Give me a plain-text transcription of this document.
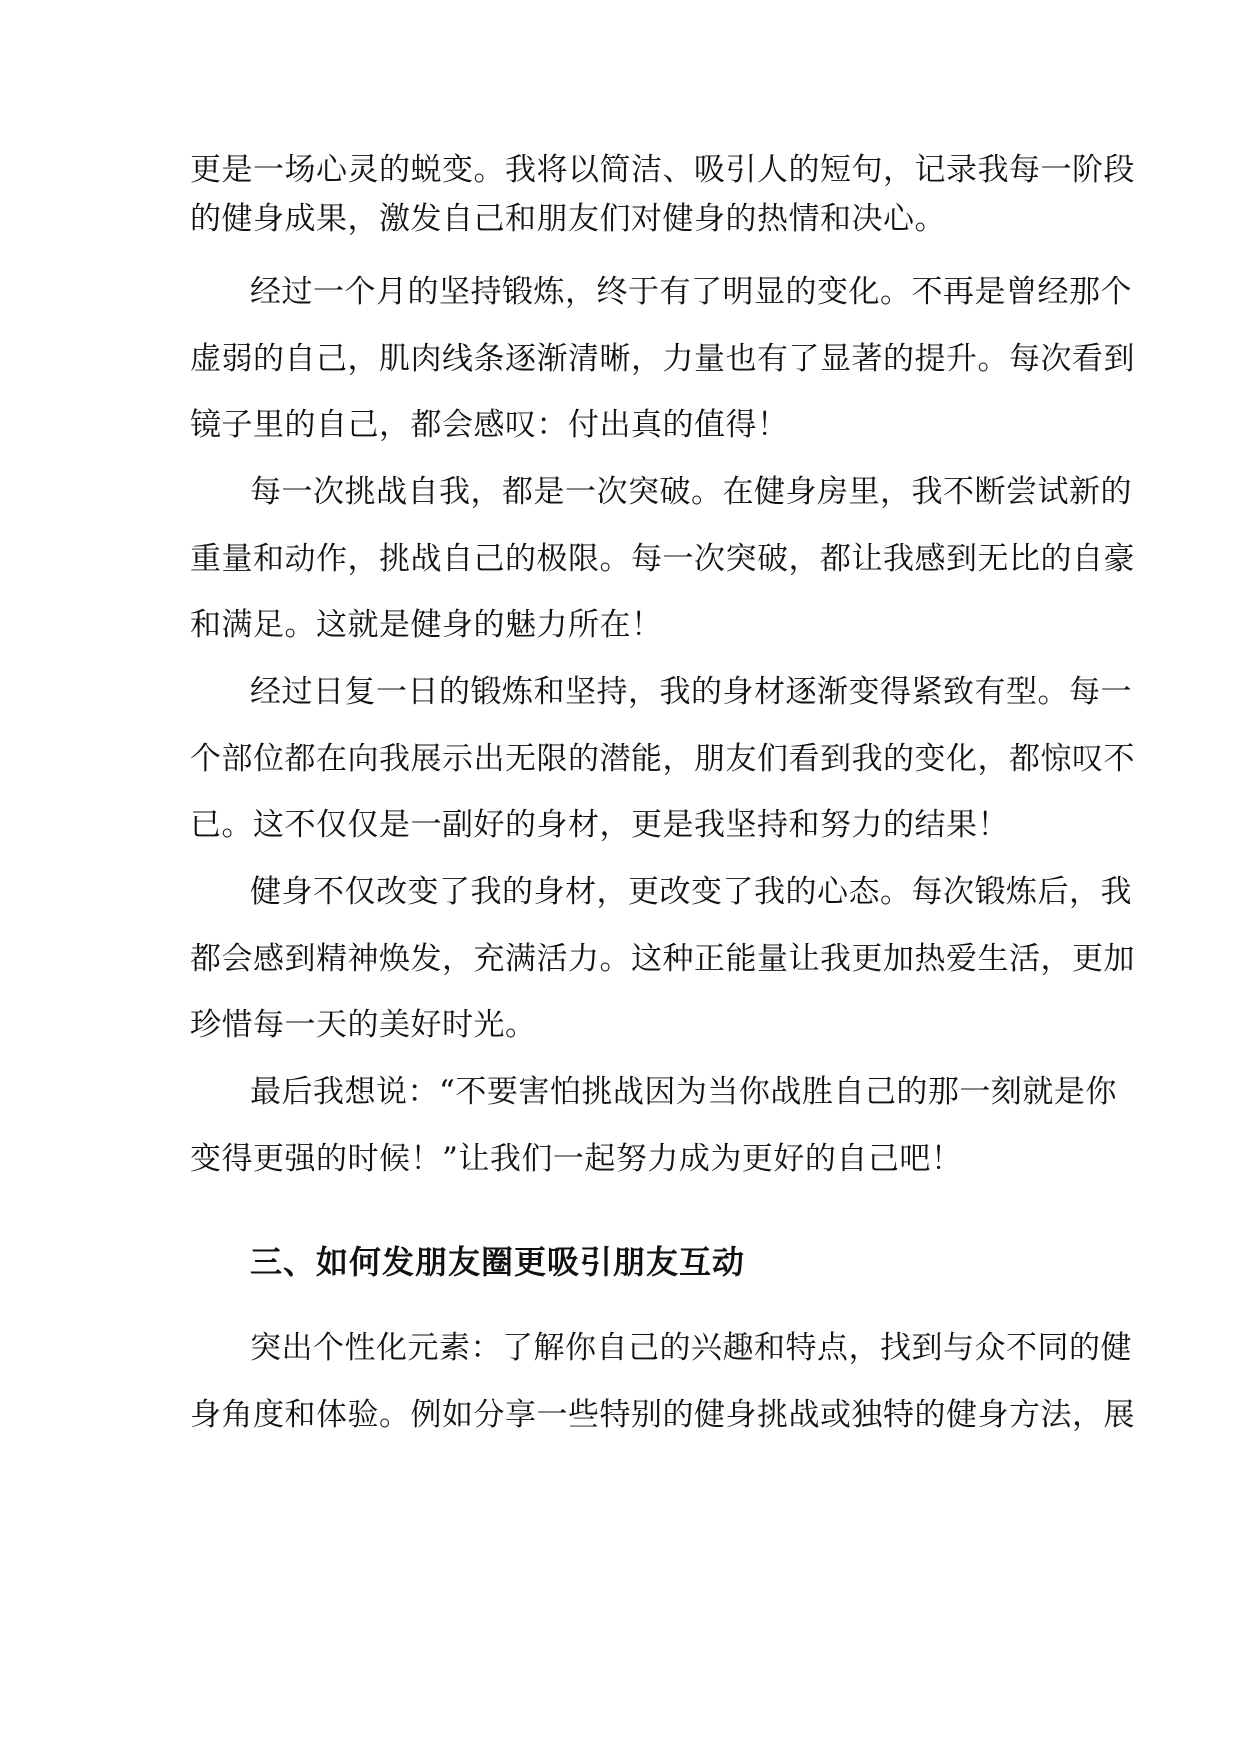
更是一场心灵的蜕变。我将以简洁、吸引人的短句，记录我每一阶段
的健身成果，激发自己和朋友们对健身的热情和决心。
经过一个月的坚持锻炼，终于有了明显的变化。不再是曾经那个
虚弱的自己，肌肉线条逐渐清晰，力量也有了显著的提升。每次看到
镜子里的自己，都会感叹：付出真的值得！
每一次挑战自我，都是一次突破。在健身房里，我不断尝试新的
重量和动作，挑战自己的极限。每一次突破，都让我感到无比的自豪
和满足。这就是健身的魅力所在！
经过日复一日的锻炼和坚持，我的身材逐渐变得紧致有型。每一
个部位都在向我展示出无限的潜能，朋友们看到我的变化，都惊叹不
已。这不仅仅是一副好的身材，更是我坚持和努力的结果！
健身不仅改变了我的身材，更改变了我的心态。每次锻炼后，我
都会感到精神焕发，充满活力。这种正能量让我更加热爱生活，更加
珍惜每一天的美好时光。
最后我想说：“不要害怕挑战因为当你战胜自己的那一刻就是你
变得更强的时候！”让我们一起努力成为更好的自己吧！
三、如何发朋友圈更吸引朋友互动
突出个性化元素：了解你自己的兴趣和特点，找到与众不同的健
身角度和体验。例如分享一些特别的健身挑战或独特的健身方法，展
